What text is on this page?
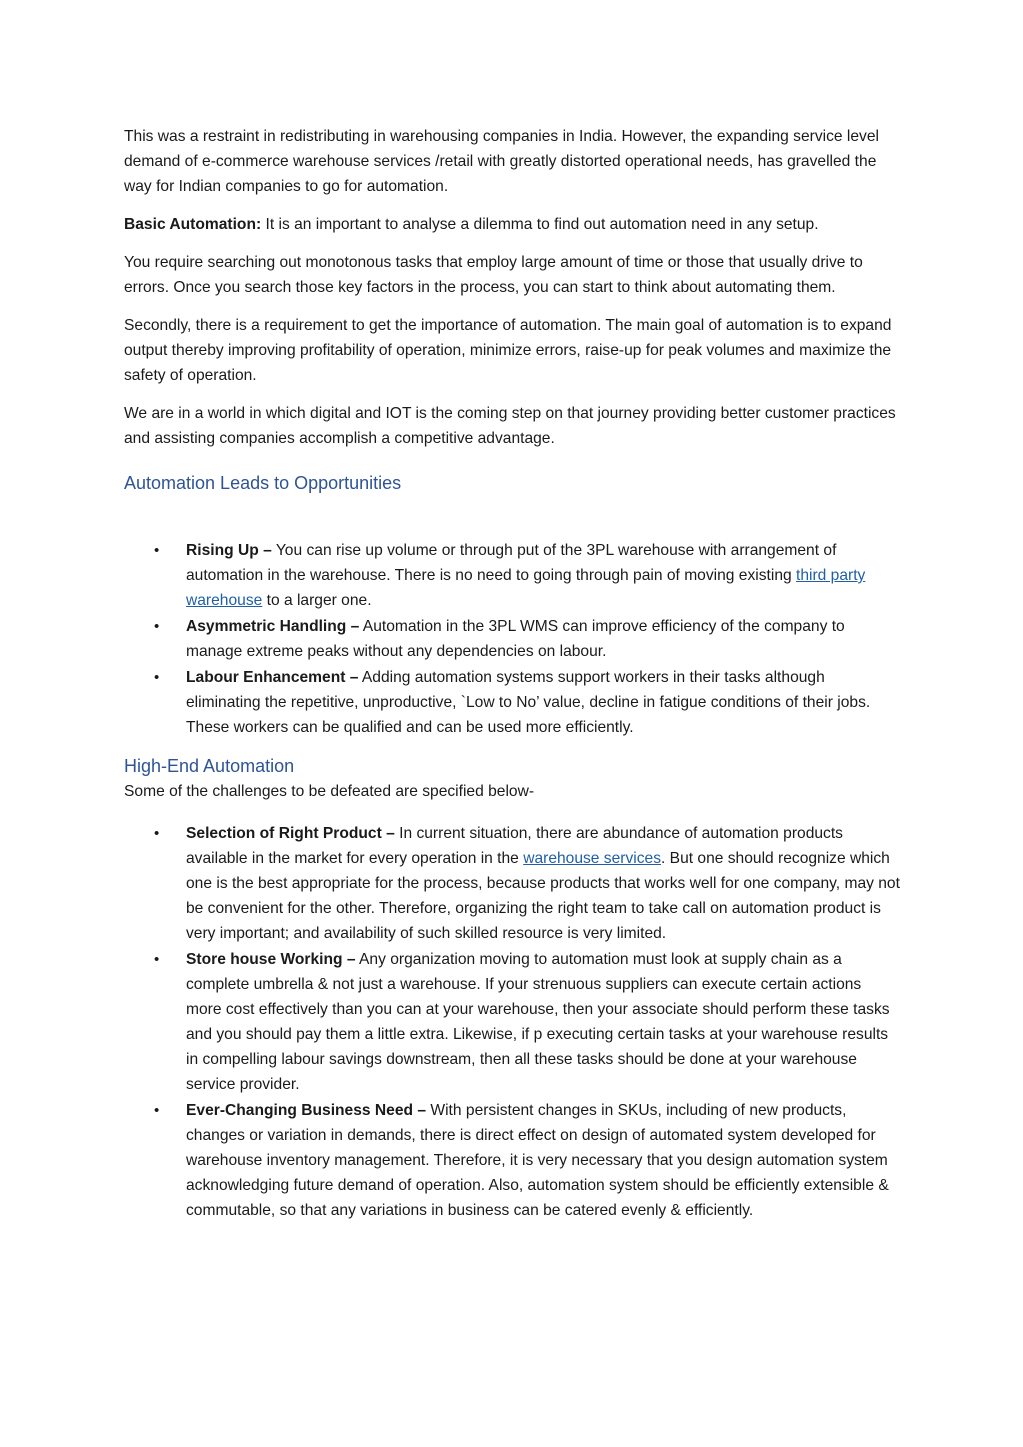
This was a restraint in redistributing in warehousing companies in India. However, the expanding service level demand of e-commerce warehouse services /retail with greatly distorted operational needs, has gravelled the way for Indian companies to go for automation.

Basic Automation: It is an important to analyse a dilemma to find out automation need in any setup.

You require searching out monotonous tasks that employ large amount of time or those that usually drive to errors. Once you search those key factors in the process, you can start to think about automating them.

Secondly, there is a requirement to get the importance of automation. The main goal of automation is to expand output thereby improving profitability of operation, minimize errors, raise-up for peak volumes and maximize the safety of operation.

We are in a world in which digital and IOT is the coming step on that journey providing better customer practices and assisting companies accomplish a competitive advantage.

Automation Leads to Opportunities
• Rising Up – You can rise up volume or through put of the 3PL warehouse with arrangement of automation in the warehouse. There is no need to going through pain of moving existing third party warehouse to a larger one.
• Asymmetric Handling – Automation in the 3PL WMS can improve efficiency of the company to manage extreme peaks without any dependencies on labour.
• Labour Enhancement – Adding automation systems support workers in their tasks although eliminating the repetitive, unproductive, `Low to No’ value, decline in fatigue conditions of their jobs. These workers can be qualified and can be used more efficiently.
High-End Automation

Some of the challenges to be defeated are specified below-

• Selection of Right Product – In current situation, there are abundance of automation products available in the market for every operation in the warehouse services. But one should recognize which one is the best appropriate for the process, because products that works well for one company, may not be convenient for the other. Therefore, organizing the right team to take call on automation product is very important; and availability of such skilled resource is very limited.
• Store house Working – Any organization moving to automation must look at supply chain as a complete umbrella & not just a warehouse. If your strenuous suppliers can execute certain actions more cost effectively than you can at your warehouse, then your associate should perform these tasks and you should pay them a little extra. Likewise, if p executing certain tasks at your warehouse results in compelling labour savings downstream, then all these tasks should be done at your warehouse service provider.
• Ever-Changing Business Need – With persistent changes in SKUs, including of new products, changes or variation in demands, there is direct effect on design of automated system developed for warehouse inventory management. Therefore, it is very necessary that you design automation system acknowledging future demand of operation. Also, automation system should be efficiently extensible & commutable, so that any variations in business can be catered evenly & efficiently.
